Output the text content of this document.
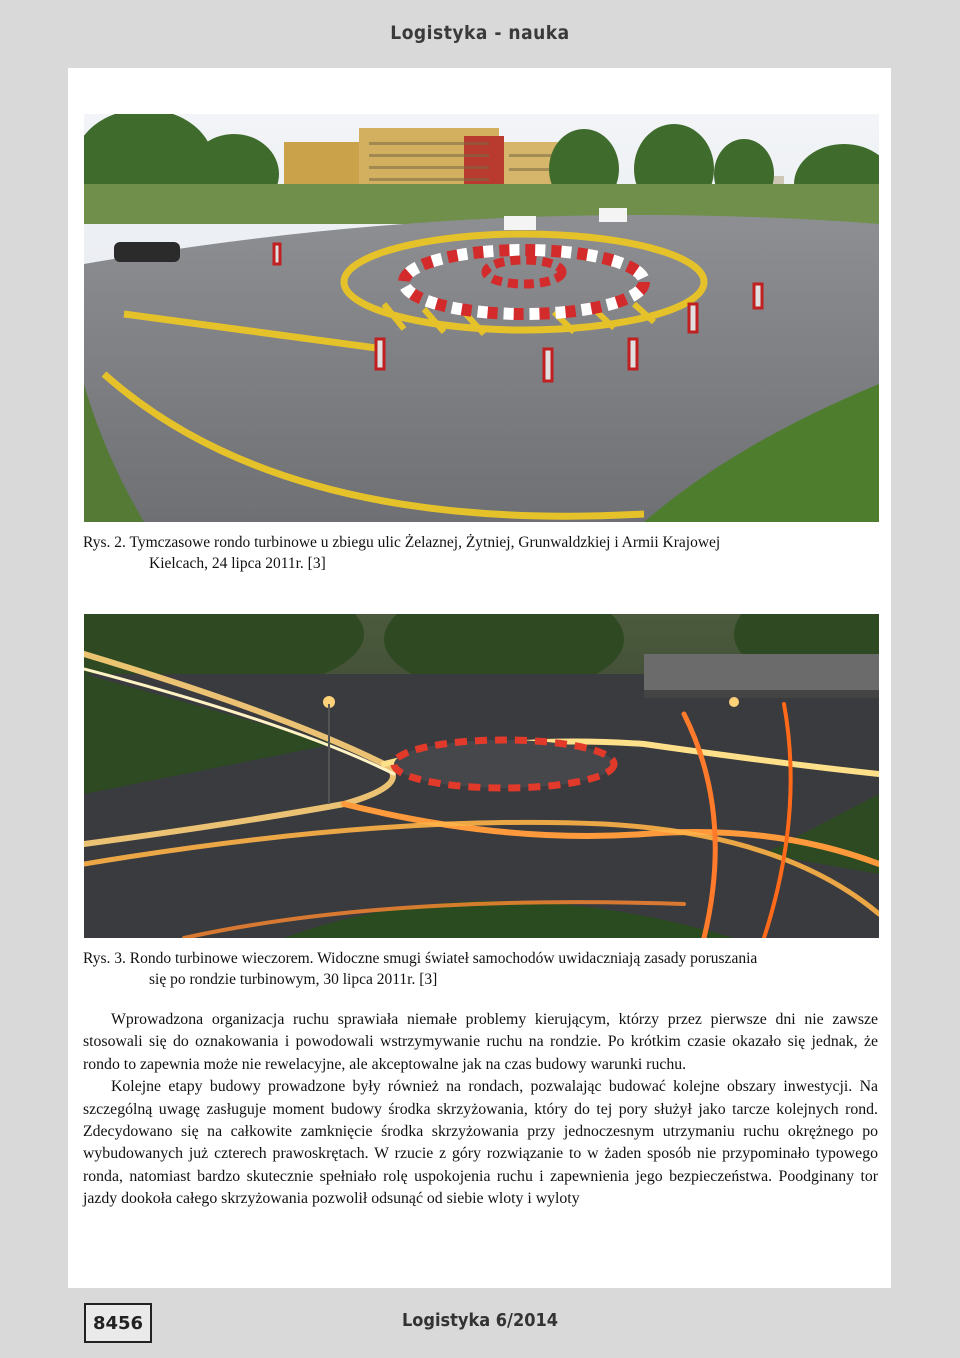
Logistyka - nauka
Rys. 2. Tymczasowe rondo turbinowe u zbiegu ulic Żelaznej, Żytniej, Grunwaldzkiej i Armii Krajowej
Kielcach, 24 lipca 2011r. [3]
Rys. 3. Rondo turbinowe wieczorem. Widoczne smugi świateł samochodów uwidaczniają zasady poruszania
się po rondzie turbinowym, 30 lipca 2011r. [3]

Wprowadzona organizacja ruchu sprawiała niemałe problemy kierującym, którzy przez pierwsze dni nie zawsze stosowali się do oznakowania i powodowali wstrzymywanie ruchu na rondzie. Po krótkim czasie okazało się jednak, że rondo to zapewnia może nie rewelacyjne, ale akceptowalne jak na czas budowy warunki ruchu.

Kolejne etapy budowy prowadzone były również na rondach, pozwalając budować kolejne obszary inwestycji. Na szczególną uwagę zasługuje moment budowy środka skrzyżowania, który do tej pory służył jako tarcze kolejnych rond. Zdecydowano się na całkowite zamknięcie środka skrzyżowania przy jednoczesnym utrzymaniu ruchu okrężnego po wybudowanych już czterech prawoskrętach. W rzucie z góry rozwiązanie to w żaden sposób nie przypominało typowego ronda, natomiast bardzo skutecznie spełniało rolę uspokojenia ruchu i zapewnienia jego bezpieczeństwa. Poodginany tor jazdy dookoła całego skrzyżowania pozwolił odsunąć od siebie wloty i wyloty

8456	Logistyka 6/2014
